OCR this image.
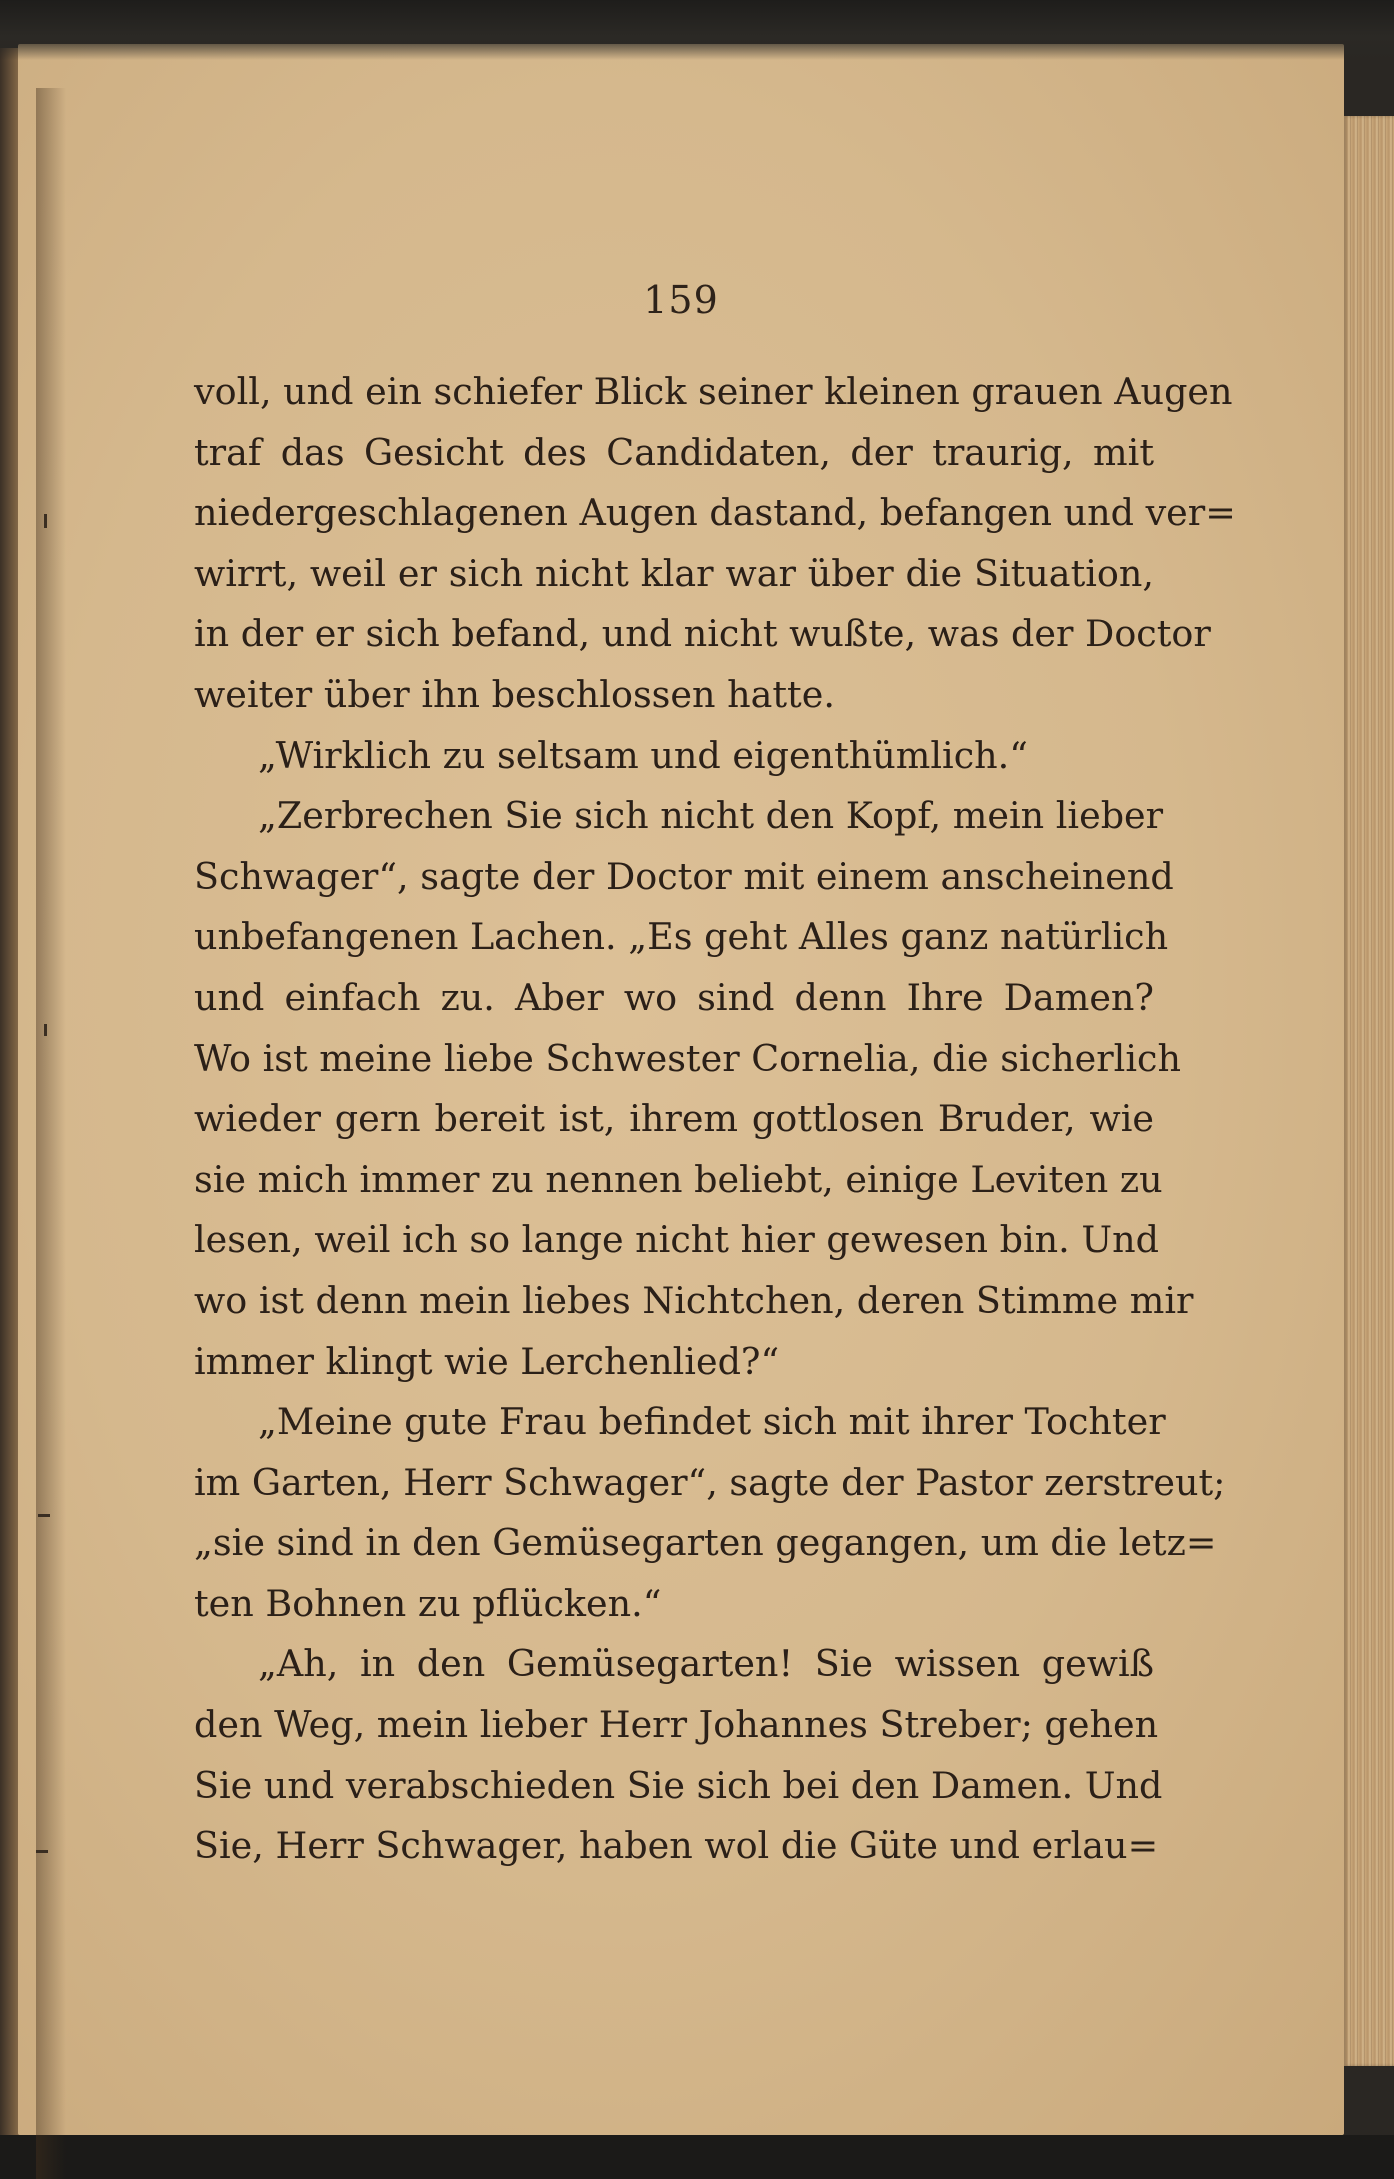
159
voll, und ein schiefer Blick seiner kleinen grauen Augen
traf das Gesicht des Candidaten, der traurig, mit
niedergeschlagenen Augen dastand, befangen und ver=
wirrt, weil er sich nicht klar war über die Situation,
in der er sich befand, und nicht wußte, was der Doctor
weiter über ihn beschlossen hatte.
„Wirklich zu seltsam und eigenthümlich.“
„Zerbrechen Sie sich nicht den Kopf, mein lieber
Schwager“, sagte der Doctor mit einem anscheinend
unbefangenen Lachen. „Es geht Alles ganz natürlich
und einfach zu. Aber wo sind denn Ihre Damen?
Wo ist meine liebe Schwester Cornelia, die sicherlich
wieder gern bereit ist, ihrem gottlosen Bruder, wie
sie mich immer zu nennen beliebt, einige Leviten zu
lesen, weil ich so lange nicht hier gewesen bin. Und
wo ist denn mein liebes Nichtchen, deren Stimme mir
immer klingt wie Lerchenlied?“
„Meine gute Frau befindet sich mit ihrer Tochter
im Garten, Herr Schwager“, sagte der Pastor zerstreut;
„sie sind in den Gemüsegarten gegangen, um die letz=
ten Bohnen zu pflücken.“
„Ah, in den Gemüsegarten! Sie wissen gewiß
den Weg, mein lieber Herr Johannes Streber; gehen
Sie und verabschieden Sie sich bei den Damen. Und
Sie, Herr Schwager, haben wol die Güte und erlau=
